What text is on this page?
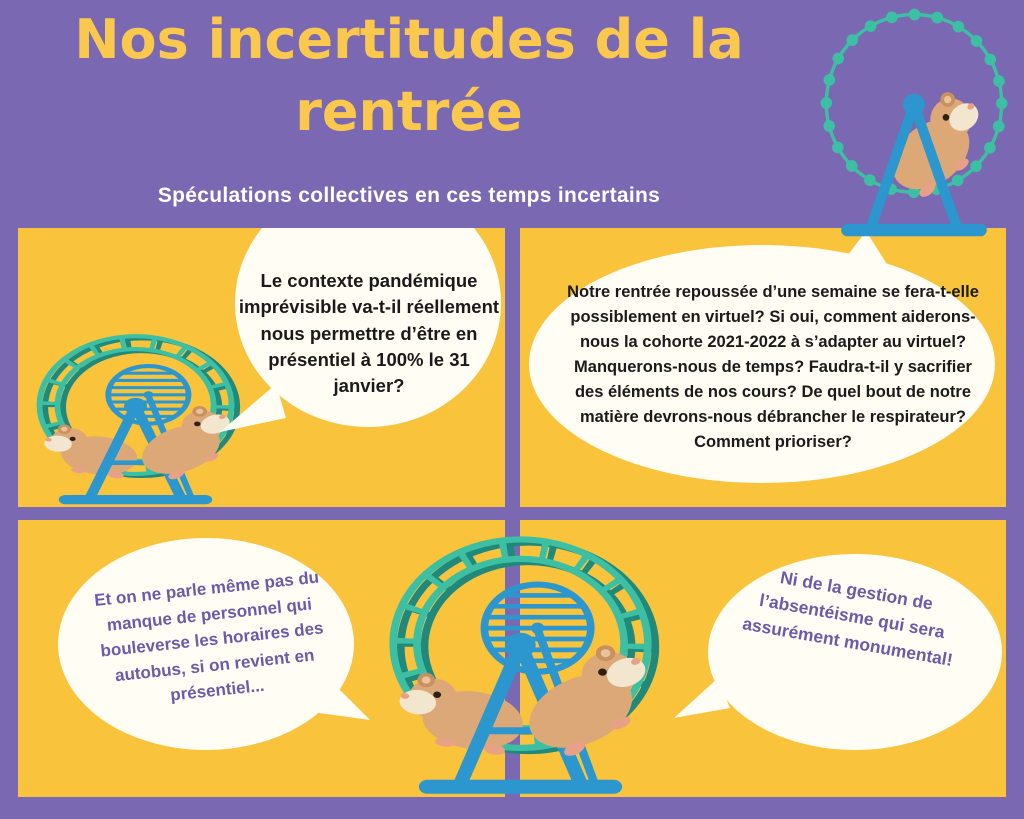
Nos incertitudes de la
rentrée
Spéculations collectives en ces temps incertains
Le contexte pandémique imprévisible va-t-il réellement nous permettre d’être en présentiel à 100% le 31 janvier?
Notre rentrée repoussée d’une semaine se fera-t-elle possiblement en virtuel? Si oui, comment aiderons-nous la cohorte 2021-2022 à s’adapter au virtuel? Manquerons-nous de temps? Faudra-t-il y sacrifier des éléments de nos cours? De quel bout de notre matière devrons-nous débrancher le respirateur? Comment prioriser?
Et on ne parle même pas du manque de personnel qui bouleverse les horaires des autobus, si on revient en présentiel...
Ni de la gestion de l’absentéisme qui sera assurément monumental!
